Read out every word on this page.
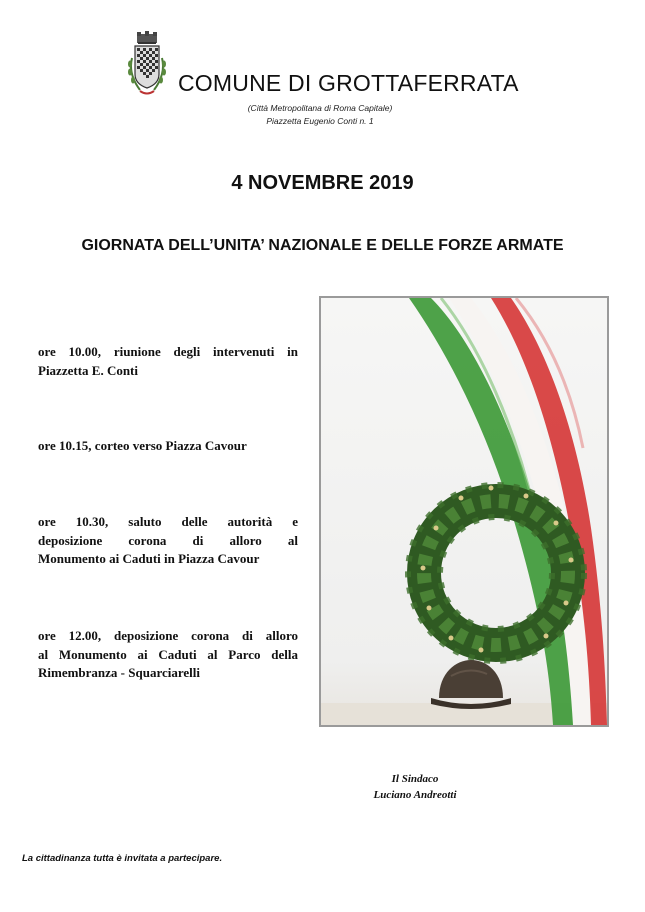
COMUNE DI GROTTAFERRATA
(Città Metropolitana di Roma Capitale)
Piazzetta Eugenio Conti n. 1
4 NOVEMBRE 2019
GIORNATA DELL’UNITA’ NAZIONALE E DELLE FORZE ARMATE
ore 10.00, riunione degli intervenuti in
Piazzetta E. Conti
ore 10.15, corteo verso Piazza Cavour
ore 10.30, saluto delle autorità e
deposizione corona di alloro al
Monumento ai Caduti in Piazza Cavour
ore 12.00, deposizione corona di alloro
al Monumento ai Caduti al Parco della
Rimembranza - Squarciarelli
Il Sindaco
Luciano Andreotti
La cittadinanza tutta è invitata a partecipare.
